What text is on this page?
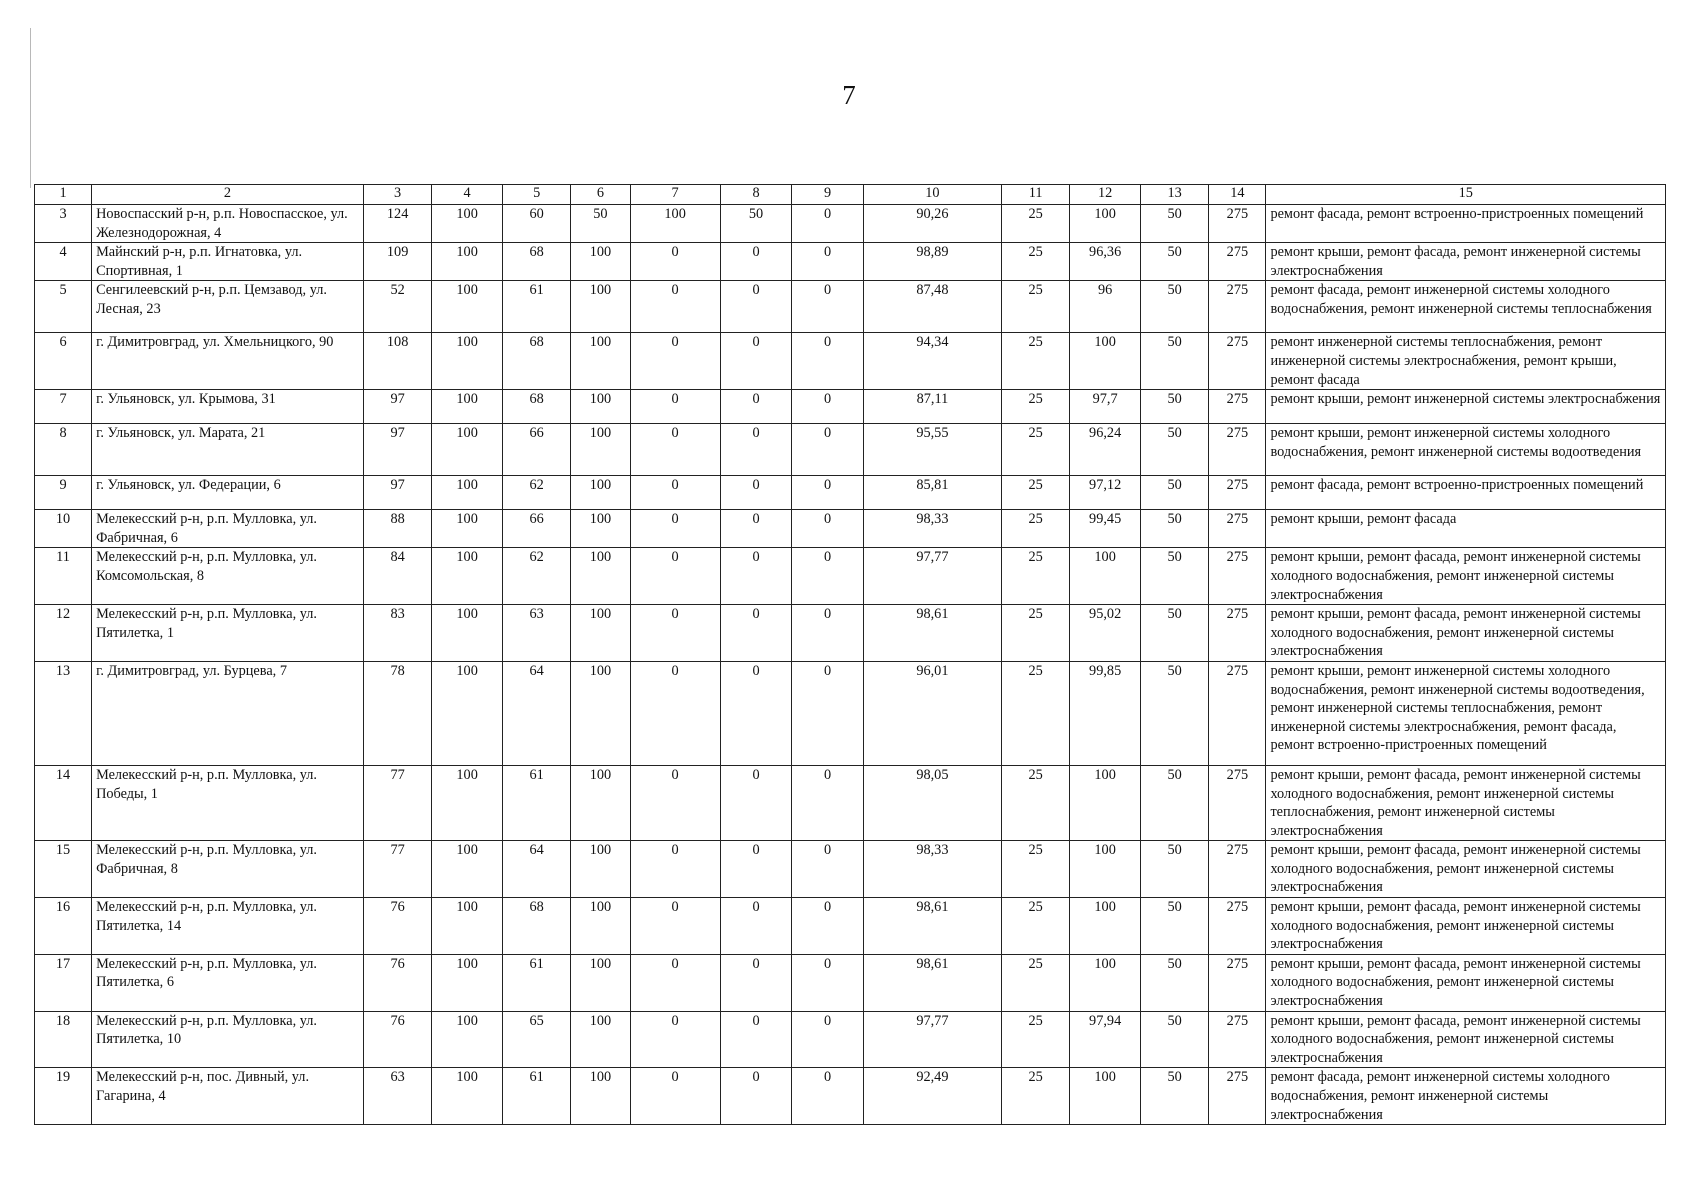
7
1	2	3	4	5	6	7	8	9	10	11	12	13	14	15
3	Новоспасский р-н, р.п. Новоспасское, ул. Железнодорожная, 4	124	100	60	50	100	50	0	90,26	25	100	50	275	ремонт фасада, ремонт встроенно-пристроенных помещений
4	Майнский р-н, р.п. Игнатовка, ул. Спортивная, 1	109	100	68	100	0	0	0	98,89	25	96,36	50	275	ремонт крыши, ремонт фасада, ремонт инженерной системы электроснабжения
5	Сенгилеевский р-н, р.п. Цемзавод, ул. Лесная, 23	52	100	61	100	0	0	0	87,48	25	96	50	275	ремонт фасада, ремонт инженерной системы холодного водоснабжения, ремонт инженерной системы теплоснабжения
6	г. Димитровград, ул. Хмельницкого, 90	108	100	68	100	0	0	0	94,34	25	100	50	275	ремонт инженерной системы теплоснабжения, ремонт инженерной системы электроснабжения, ремонт крыши, ремонт фасада
7	г. Ульяновск, ул. Крымова, 31	97	100	68	100	0	0	0	87,11	25	97,7	50	275	ремонт крыши, ремонт инженерной системы электроснабжения
8	г. Ульяновск, ул. Марата, 21	97	100	66	100	0	0	0	95,55	25	96,24	50	275	ремонт крыши, ремонт инженерной системы холодного водоснабжения, ремонт инженерной системы водоотведения
9	г. Ульяновск, ул. Федерации, 6	97	100	62	100	0	0	0	85,81	25	97,12	50	275	ремонт фасада, ремонт встроенно-пристроенных помещений
10	Мелекесский р-н, р.п. Мулловка, ул. Фабричная, 6	88	100	66	100	0	0	0	98,33	25	99,45	50	275	ремонт крыши, ремонт фасада
11	Мелекесский р-н, р.п. Мулловка, ул. Комсомольская, 8	84	100	62	100	0	0	0	97,77	25	100	50	275	ремонт крыши, ремонт фасада, ремонт инженерной системы холодного водоснабжения, ремонт инженерной системы электроснабжения
12	Мелекесский р-н, р.п. Мулловка, ул. Пятилетка, 1	83	100	63	100	0	0	0	98,61	25	95,02	50	275	ремонт крыши, ремонт фасада, ремонт инженерной системы холодного водоснабжения, ремонт инженерной системы электроснабжения
13	г. Димитровград, ул. Бурцева, 7	78	100	64	100	0	0	0	96,01	25	99,85	50	275	ремонт крыши, ремонт инженерной системы холодного водоснабжения, ремонт инженерной системы водоотведения, ремонт инженерной системы теплоснабжения, ремонт инженерной системы электроснабжения, ремонт фасада, ремонт встроенно-пристроенных помещений
14	Мелекесский р-н, р.п. Мулловка, ул. Победы, 1	77	100	61	100	0	0	0	98,05	25	100	50	275	ремонт крыши, ремонт фасада, ремонт инженерной системы холодного водоснабжения, ремонт инженерной системы теплоснабжения, ремонт инженерной системы электроснабжения
15	Мелекесский р-н, р.п. Мулловка, ул. Фабричная, 8	77	100	64	100	0	0	0	98,33	25	100	50	275	ремонт крыши, ремонт фасада, ремонт инженерной системы холодного водоснабжения, ремонт инженерной системы электроснабжения
16	Мелекесский р-н, р.п. Мулловка, ул. Пятилетка, 14	76	100	68	100	0	0	0	98,61	25	100	50	275	ремонт крыши, ремонт фасада, ремонт инженерной системы холодного водоснабжения, ремонт инженерной системы электроснабжения
17	Мелекесский р-н, р.п. Мулловка, ул. Пятилетка, 6	76	100	61	100	0	0	0	98,61	25	100	50	275	ремонт крыши, ремонт фасада, ремонт инженерной системы холодного водоснабжения, ремонт инженерной системы электроснабжения
18	Мелекесский р-н, р.п. Мулловка, ул. Пятилетка, 10	76	100	65	100	0	0	0	97,77	25	97,94	50	275	ремонт крыши, ремонт фасада, ремонт инженерной системы холодного водоснабжения, ремонт инженерной системы электроснабжения
19	Мелекесский р-н, пос. Дивный, ул. Гагарина, 4	63	100	61	100	0	0	0	92,49	25	100	50	275	ремонт фасада, ремонт инженерной системы холодного водоснабжения, ремонт инженерной системы электроснабжения
